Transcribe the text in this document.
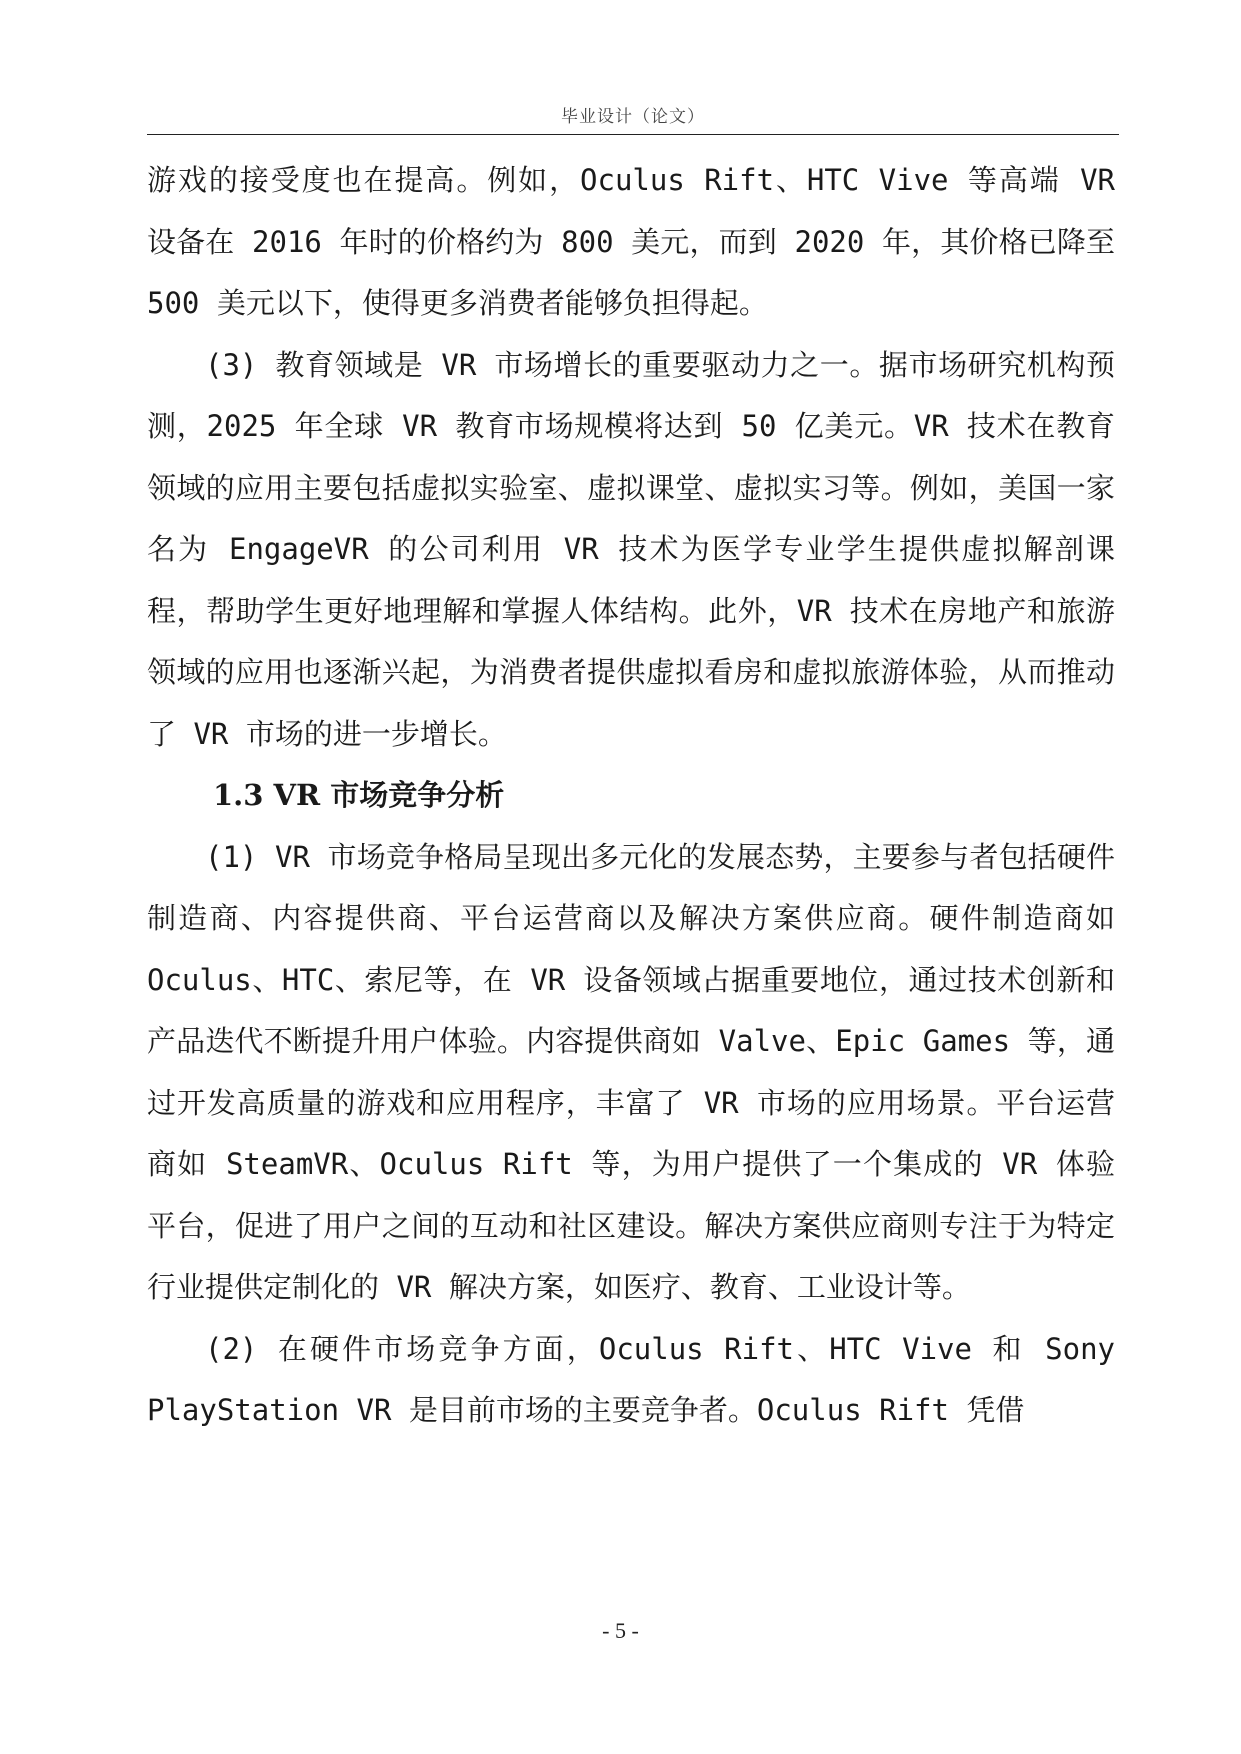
毕业设计（论文）

游戏的接受度也在提高。例如，Oculus Rift、HTC Vive 等高端 VR 设备在 2016 年时的价格约为 800 美元，而到 2020 年，其价格已降至 500 美元以下，使得更多消费者能够负担得起。

(3) 教育领域是 VR 市场增长的重要驱动力之一。据市场研究机构预测，2025 年全球 VR 教育市场规模将达到 50 亿美元。VR 技术在教育领域的应用主要包括虚拟实验室、虚拟课堂、虚拟实习等。例如，美国一家名为 EngageVR 的公司利用 VR 技术为医学专业学生提供虚拟解剖课程，帮助学生更好地理解和掌握人体结构。此外，VR 技术在房地产和旅游领域的应用也逐渐兴起，为消费者提供虚拟看房和虚拟旅游体验，从而推动了 VR 市场的进一步增长。

1.3 VR 市场竞争分析

(1) VR 市场竞争格局呈现出多元化的发展态势，主要参与者包括硬件制造商、内容提供商、平台运营商以及解决方案供应商。硬件制造商如 Oculus、HTC、索尼等，在 VR 设备领域占据重要地位，通过技术创新和产品迭代不断提升用户体验。内容提供商如 Valve、Epic Games 等，通过开发高质量的游戏和应用程序，丰富了 VR 市场的应用场景。平台运营商如 SteamVR、Oculus Rift 等，为用户提供了一个集成的 VR 体验平台，促进了用户之间的互动和社区建设。解决方案供应商则专注于为特定行业提供定制化的 VR 解决方案，如医疗、教育、工业设计等。

(2) 在硬件市场竞争方面，Oculus Rift、HTC Vive 和 Sony PlayStation VR 是目前市场的主要竞争者。Oculus Rift 凭借

- 5 -
